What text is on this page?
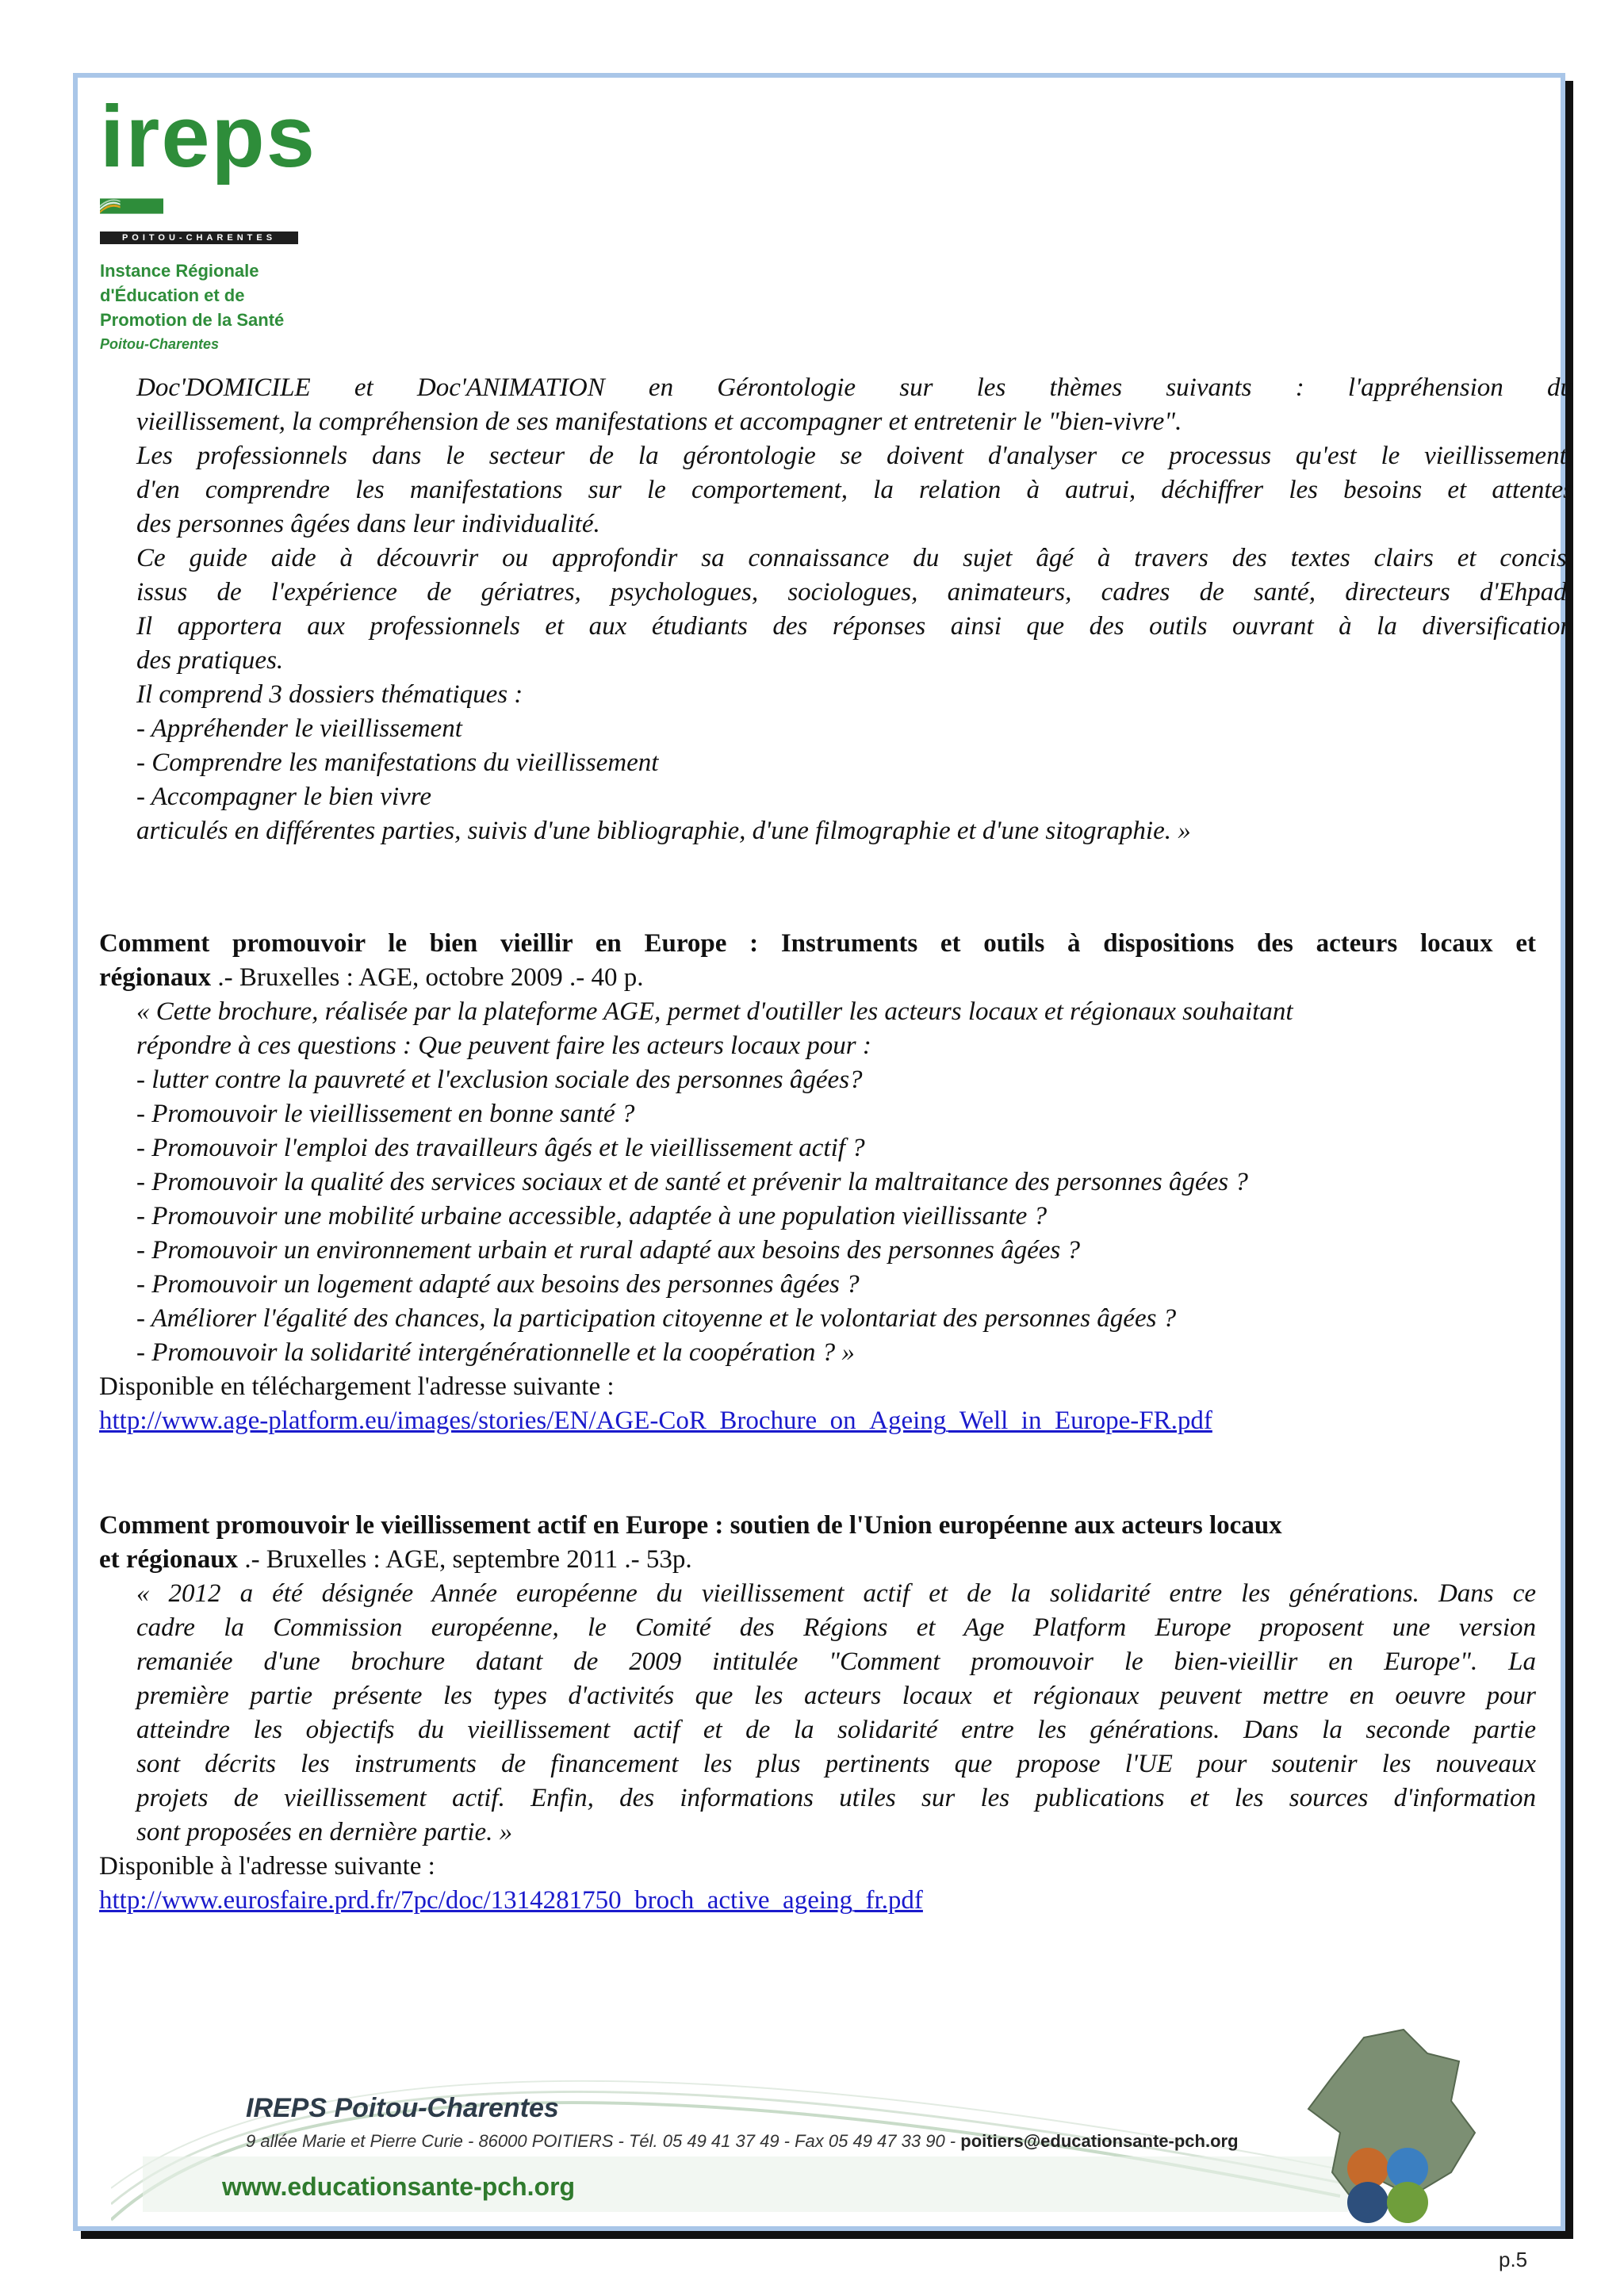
ireps
Instance régionale d'éducation
et de promotion de la santé
POITOU-CHARENTES
Instance Régionale
d'Éducation et de
Promotion de la Santé
Poitou-Charentes
Doc'DOMICILE et Doc'ANIMATION en Gérontologie sur les thèmes suivants : l'appréhension du
vieillissement, la compréhension de ses manifestations et accompagner et entretenir le "bien-vivre".
Les professionnels dans le secteur de la gérontologie se doivent d'analyser ce processus qu'est le vieillissement,
d'en comprendre les manifestations sur le comportement, la relation à autrui, déchiffrer les besoins et attentes
des personnes âgées dans leur individualité.
Ce guide aide à découvrir ou approfondir sa connaissance du sujet âgé à travers des textes clairs et concis,
issus de l'expérience de gériatres, psychologues, sociologues, animateurs, cadres de santé, directeurs d'Ehpad.
Il apportera aux professionnels et aux étudiants des réponses ainsi que des outils ouvrant à la diversification
des pratiques.
Il comprend 3 dossiers thématiques :
- Appréhender le vieillissement
- Comprendre les manifestations du vieillissement
- Accompagner le bien vivre
articulés en différentes parties, suivis d'une bibliographie, d'une filmographie et d'une sitographie. »
Comment promouvoir le bien vieillir en Europe : Instruments et outils à dispositions des acteurs locaux et
régionaux .- Bruxelles : AGE, octobre 2009 .- 40 p.
« Cette brochure, réalisée par la plateforme AGE, permet d'outiller les acteurs locaux et régionaux souhaitant
répondre à ces questions : Que peuvent faire les acteurs locaux pour :
- lutter contre la pauvreté et l'exclusion sociale des personnes âgées?
- Promouvoir le vieillissement en bonne santé ?
- Promouvoir l'emploi des travailleurs âgés et le vieillissement actif ?
- Promouvoir la qualité des services sociaux et de santé et prévenir la maltraitance des personnes âgées ?
- Promouvoir une mobilité urbaine accessible, adaptée à une population vieillissante ?
- Promouvoir un environnement urbain et rural adapté aux besoins des personnes âgées ?
- Promouvoir un logement adapté aux besoins des personnes âgées ?
- Améliorer l'égalité des chances, la participation citoyenne et le volontariat des personnes âgées ?
- Promouvoir la solidarité intergénérationnelle et la coopération ? »
Disponible en téléchargement l'adresse suivante :
http://www.age-platform.eu/images/stories/EN/AGE-CoR_Brochure_on_Ageing_Well_in_Europe-FR.pdf
Comment promouvoir le vieillissement actif en Europe : soutien de l'Union européenne aux acteurs locaux
et régionaux .- Bruxelles : AGE, septembre 2011 .- 53p.
« 2012 a été désignée Année européenne du vieillissement actif et de la solidarité entre les générations. Dans ce
cadre la Commission européenne, le Comité des Régions et Age Platform Europe proposent une version
remaniée d'une brochure datant de 2009 intitulée "Comment promouvoir le bien-vieillir en Europe". La
première partie présente les types d'activités que les acteurs locaux et régionaux peuvent mettre en oeuvre pour
atteindre les objectifs du vieillissement actif et de la solidarité entre les générations. Dans la seconde partie
sont décrits les instruments de financement les plus pertinents que propose l'UE pour soutenir les nouveaux
projets de vieillissement actif. Enfin, des informations utiles sur les publications et les sources d'information
sont proposées en dernière partie. »
Disponible à l'adresse suivante :
http://www.eurosfaire.prd.fr/7pc/doc/1314281750_broch_active_ageing_fr.pdf
IREPS Poitou-Charentes
9 allée Marie et Pierre Curie - 86000 POITIERS - Tél. 05 49 41 37 49 - Fax 05 49 47 33 90 - poitiers@educationsante-pch.org
www.educationsante-pch.org
p.5
